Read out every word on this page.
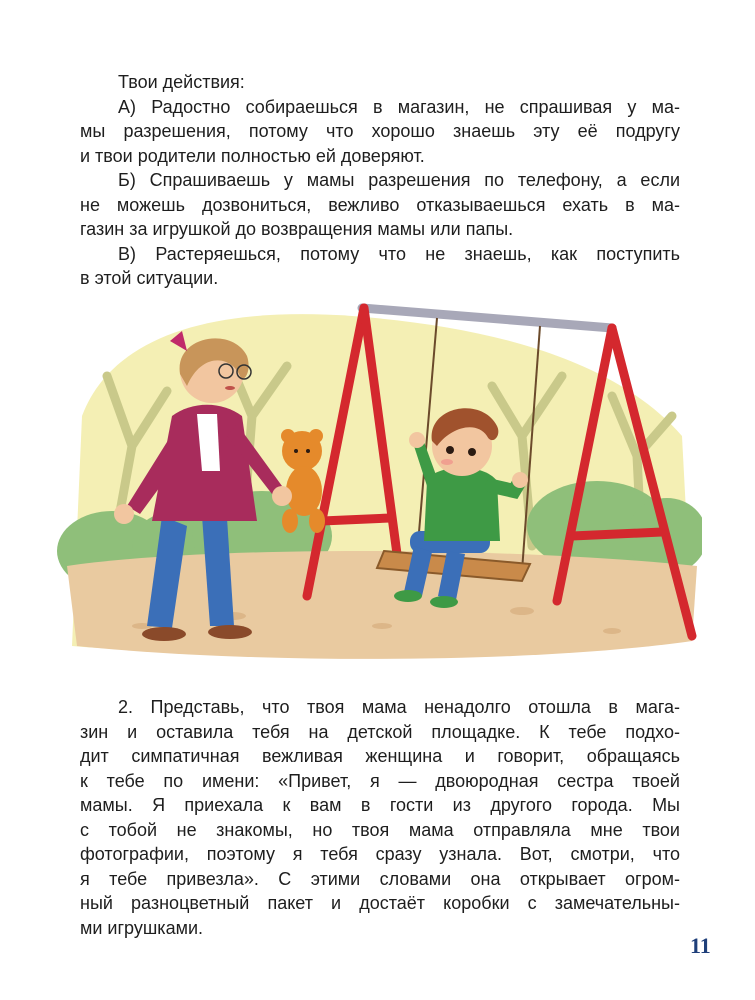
Твои действия:
А) Радостно собираешься в магазин, не спрашивая у ма-
мы разрешения, потому что хорошо знаешь эту её подругу
и твои родители полностью ей доверяют.
Б) Спрашиваешь у мамы разрешения по телефону, а если
не можешь дозвониться, вежливо отказываешься ехать в ма-
газин за игрушкой до возвращения мамы или папы.
В) Растеряешься, потому что не знаешь, как поступить
в этой ситуации.
2. Представь, что твоя мама ненадолго отошла в мага-
зин и оставила тебя на детской площадке. К тебе подхо-
дит симпатичная вежливая женщина и говорит, обращаясь
к тебе по имени: «Привет, я — двоюродная сестра твоей
мамы. Я приехала к вам в гости из другого города. Мы
с тобой не знакомы, но твоя мама отправляла мне твои
фотографии, поэтому я тебя сразу узнала. Вот, смотри, что
я тебе привезла». С этими словами она открывает огром-
ный разноцветный пакет и достаёт коробки с замечательны-
ми игрушками.
11
